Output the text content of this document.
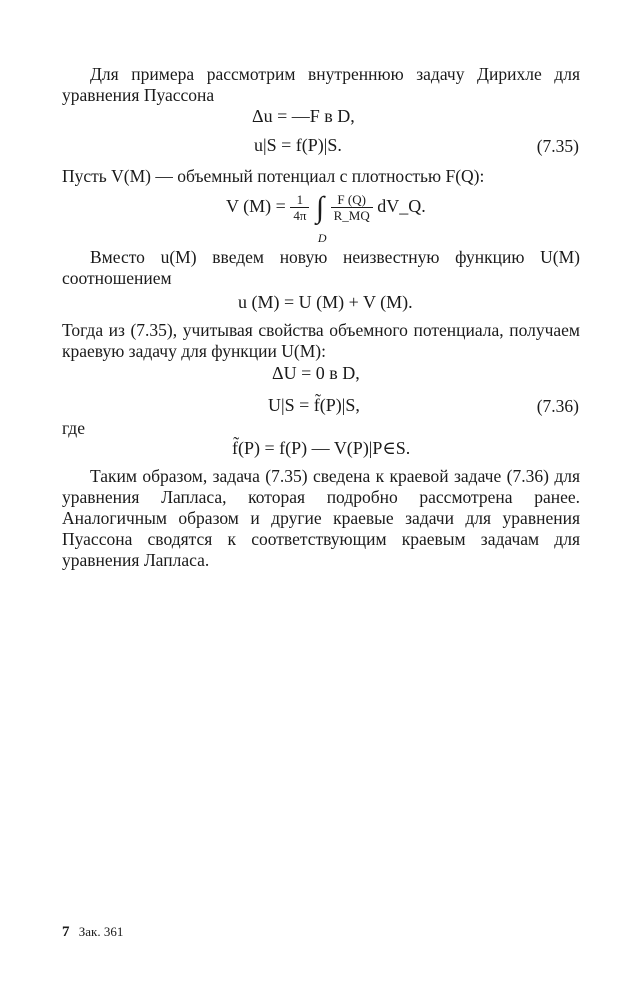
Для примера рассмотрим внутреннюю задачу Дирихле для уравнения Пуассона

Δu = —F в D,
u|S = f(P)|S.	(7.35)

Пусть V(M) — объемный потенциал с плотностью F(Q):

V $(M) = \frac{1}{4\pi}$ ∫
D

$\frac{F (Q)}{R\_MQ}$ dV_Q.

Вместо u(M) введем новую неизвестную функцию U(M) соотношением

u (M) = U (M) + V (M).

Тогда из (7.35), учитывая свойства объемного потенциала, получаем краевую задачу для функции U(M):

ΔU = 0 в D,
U|S = f̃(P)|S,	(7.36)

где

f̃(P) = f(P) — V(P)|P∈S.

Таким образом, задача (7.35) сведена к краевой задаче (7.36) для уравнения Лапласа, которая подробно рассмотрена ранее. Аналогичным образом и другие краевые задачи для уравнения Пуассона сводятся к соответствующим краевым задачам для уравнения Лапласа.

7 Зак. 361
